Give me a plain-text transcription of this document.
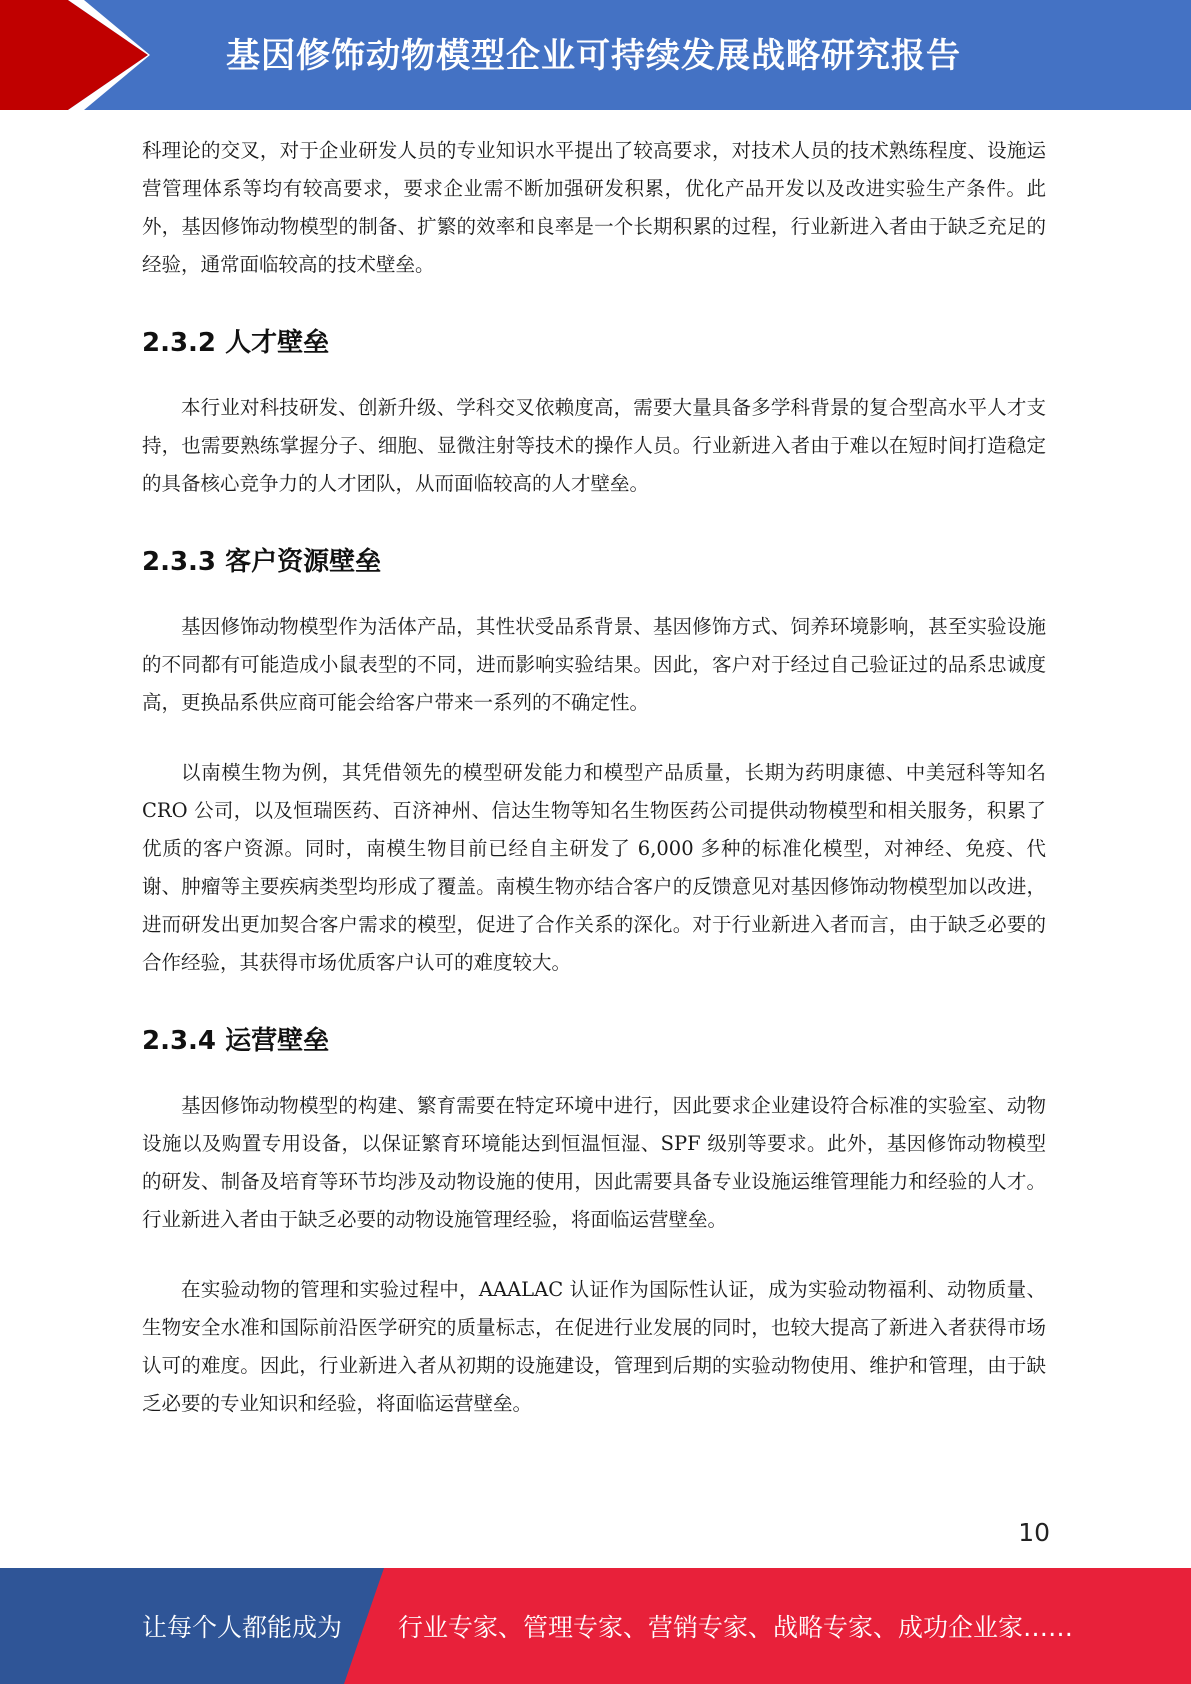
基因修饰动物模型企业可持续发展战略研究报告

科理论的交叉，对于企业研发人员的专业知识水平提出了较高要求，对技术人员的技术熟练程度、设施运营管理体系等均有较高要求，要求企业需不断加强研发积累，优化产品开发以及改进实验生产条件。此外，基因修饰动物模型的制备、扩繁的效率和良率是一个长期积累的过程，行业新进入者由于缺乏充足的经验，通常面临较高的技术壁垒。

2.3.2 人才壁垒

本行业对科技研发、创新升级、学科交叉依赖度高，需要大量具备多学科背景的复合型高水平人才支持，也需要熟练掌握分子、细胞、显微注射等技术的操作人员。行业新进入者由于难以在短时间打造稳定的具备核心竞争力的人才团队，从而面临较高的人才壁垒。

2.3.3 客户资源壁垒

基因修饰动物模型作为活体产品，其性状受品系背景、基因修饰方式、饲养环境影响，甚至实验设施的不同都有可能造成小鼠表型的不同，进而影响实验结果。因此，客户对于经过自己验证过的品系忠诚度高，更换品系供应商可能会给客户带来一系列的不确定性。

以南模生物为例，其凭借领先的模型研发能力和模型产品质量，长期为药明康德、中美冠科等知名 CRO 公司，以及恒瑞医药、百济神州、信达生物等知名生物医药公司提供动物模型和相关服务，积累了优质的客户资源。同时，南模生物目前已经自主研发了 6,000 多种的标准化模型，对神经、免疫、代谢、肿瘤等主要疾病类型均形成了覆盖。南模生物亦结合客户的反馈意见对基因修饰动物模型加以改进，进而研发出更加契合客户需求的模型，促进了合作关系的深化。对于行业新进入者而言，由于缺乏必要的合作经验，其获得市场优质客户认可的难度较大。

2.3.4 运营壁垒

基因修饰动物模型的构建、繁育需要在特定环境中进行，因此要求企业建设符合标准的实验室、动物设施以及购置专用设备，以保证繁育环境能达到恒温恒湿、SPF 级别等要求。此外，基因修饰动物模型的研发、制备及培育等环节均涉及动物设施的使用，因此需要具备专业设施运维管理能力和经验的人才。行业新进入者由于缺乏必要的动物设施管理经验，将面临运营壁垒。

在实验动物的管理和实验过程中，AAALAC 认证作为国际性认证，成为实验动物福利、动物质量、生物安全水准和国际前沿医学研究的质量标志，在促进行业发展的同时，也较大提高了新进入者获得市场认可的难度。因此，行业新进入者从初期的设施建设，管理到后期的实验动物使用、维护和管理，由于缺乏必要的专业知识和经验，将面临运营壁垒。

10
让每个人都能成为 行业专家、管理专家、营销专家、战略专家、成功企业家……
